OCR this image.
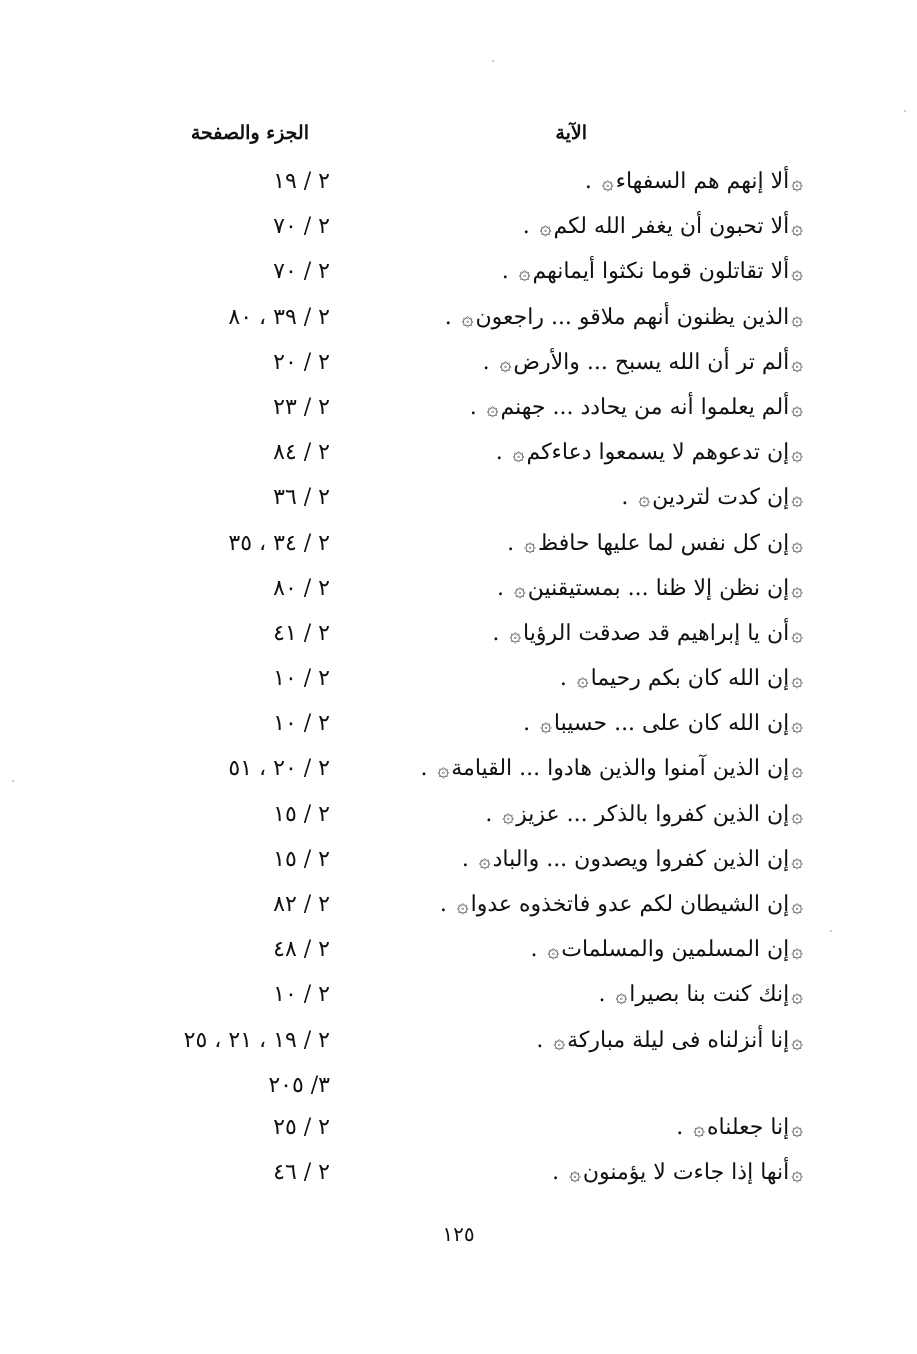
الآية
الجزء والصفحة
۞ألا إنهم هم السفهاء۞.
٢ / ١٩
۞ألا تحبون أن يغفر الله لكم۞.
٢ / ٧٠
۞ألا تقاتلون قوما نكثوا أيمانهم۞.
٢ / ٧٠
۞الذين يظنون أنهم ملاقو ... راجعون۞.
٢ / ٣٩ ، ٨٠
۞ألم تر أن الله يسبح ... والأرض۞.
٢ / ٢٠
۞ألم يعلموا أنه من يحادد ... جهنم۞.
٢ / ٢٣
۞إن تدعوهم لا يسمعوا دعاءكم۞.
٢ / ٨٤
۞إن كدت لتردين۞.
٢ / ٣٦
۞إن كل نفس لما عليها حافظ۞.
٢ / ٣٤ ، ٣٥
۞إن نظن إلا ظنا ... بمستيقنين۞.
٢ / ٨٠
۞أن يا إبراهيم قد صدقت الرؤيا۞.
٢ / ٤١
۞إن الله كان بكم رحيما۞.
٢ / ١٠
۞إن الله كان على ... حسيبا۞.
٢ / ١٠
۞إن الذين آمنوا والذين هادوا ... القيامة۞.
٢ / ٢٠ ، ٥١
۞إن الذين كفروا بالذكر ... عزيز۞.
٢ / ١٥
۞إن الذين كفروا ويصدون ... والباد۞.
٢ / ١٥
۞إن الشيطان لكم عدو فاتخذوه عدوا۞.
٢ / ٨٢
۞إن المسلمين والمسلمات۞.
٢ / ٤٨
۞إنك كنت بنا بصيرا۞.
٢ / ١٠
۞إنا أنزلناه فى ليلة مباركة۞.
٢ / ١٩ ، ٢١ ، ٢٥
٣/ ٢٠٥
۞إنا جعلناه۞.
٢ / ٢٥
۞أنها إذا جاءت لا يؤمنون۞.
٢ / ٤٦
١٢٥
